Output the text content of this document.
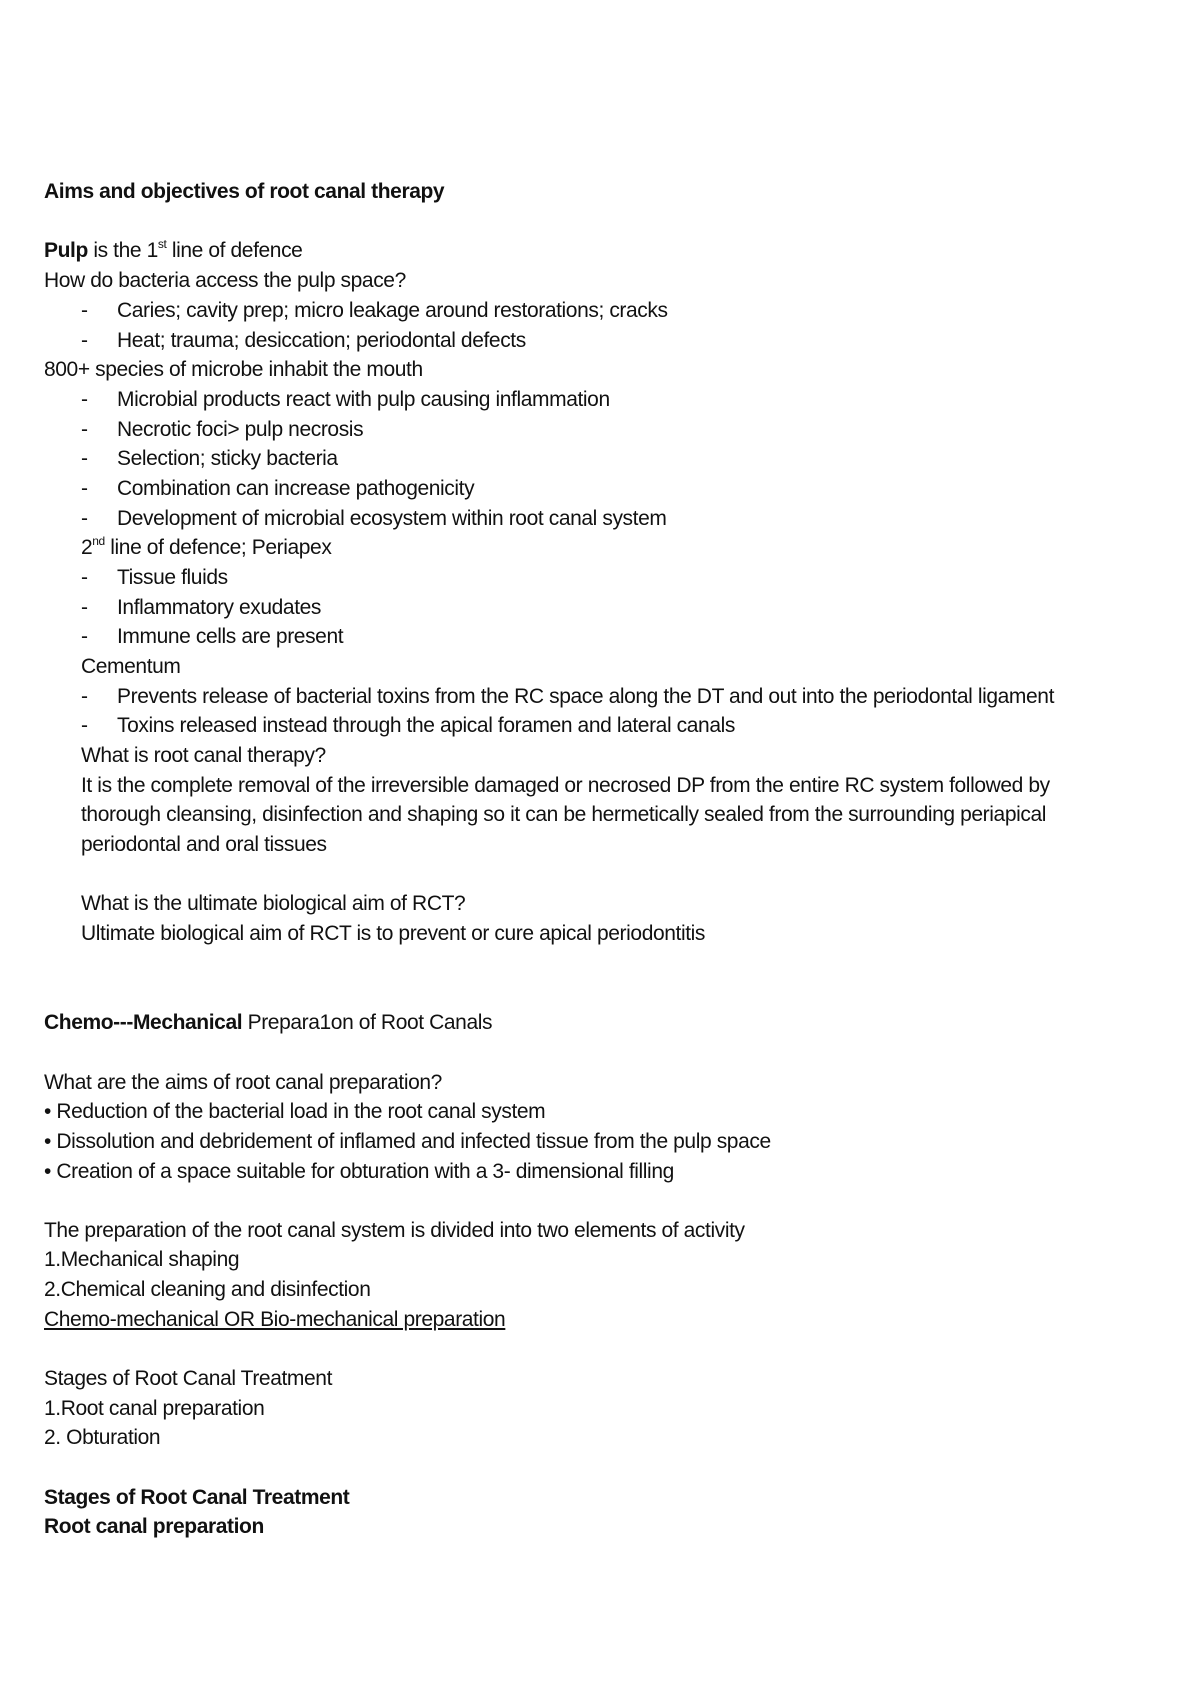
Aims and objectives of root canal therapy
Pulp is the 1st line of defence
How do bacteria access the pulp space?
- Caries; cavity prep; micro leakage around restorations; cracks
- Heat; trauma; desiccation; periodontal defects
800+ species of microbe inhabit the mouth
- Microbial products react with pulp causing inflammation
- Necrotic foci> pulp necrosis
- Selection; sticky bacteria
- Combination can increase pathogenicity
- Development of microbial ecosystem within root canal system
2nd line of defence; Periapex
- Tissue fluids
- Inflammatory exudates
- Immune cells are present
Cementum
- Prevents release of bacterial toxins from the RC space along the DT and out into the periodontal ligament
- Toxins released instead through the apical foramen and lateral canals
What is root canal therapy?
It is the complete removal of the irreversible damaged or necrosed DP from the entire RC system followed by
thorough cleansing, disinfection and shaping so it can be hermetically sealed from the surrounding periapical
periodontal and oral tissues
What is the ultimate biological aim of RCT?
Ultimate biological aim of RCT is to prevent or cure apical periodontitis
Chemo---Mechanical Prepara1on of Root Canals
What are the aims of root canal preparation?
• Reduction of the bacterial load in the root canal system
• Dissolution and debridement of inflamed and infected tissue from the pulp space
• Creation of a space suitable for obturation with a 3- dimensional filling
The preparation of the root canal system is divided into two elements of activity
1.Mechanical shaping
2.Chemical cleaning and disinfection
Chemo-mechanical OR Bio-mechanical preparation
Stages of Root Canal Treatment
1.Root canal preparation
2. Obturation
Stages of Root Canal Treatment
Root canal preparation
